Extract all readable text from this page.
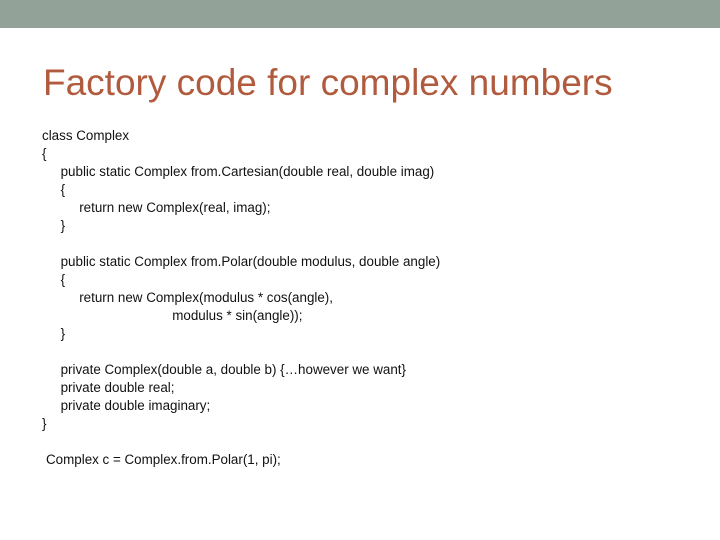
Factory code for complex numbers
class Complex
{
public static Complex from.Cartesian(double real, double imag)
{
return new Complex(real, imag);
}
public static Complex from.Polar(double modulus, double angle)
{
return new Complex(modulus * cos(angle),
modulus * sin(angle));
}
private Complex(double a, double b) {…however we want}
private double real;
private double imaginary;
}
Complex c = Complex.from.Polar(1, pi);
